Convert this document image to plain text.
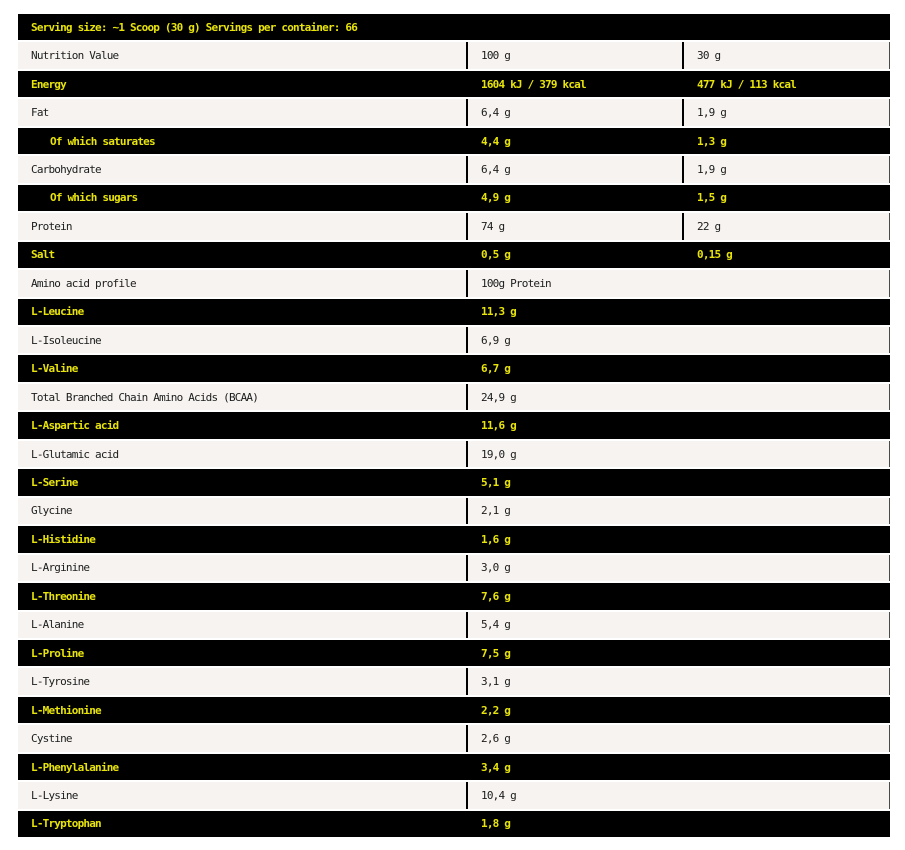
Serving size: ~1 Scoop (30 g) Servings per container: 66
Nutrition Value	100 g	30 g
Energy	1604 kJ / 379 kcal	477 kJ / 113 kcal
Fat	6,4 g	1,9 g
Of which saturates	4,4 g	1,3 g
Carbohydrate	6,4 g	1,9 g
Of which sugars	4,9 g	1,5 g
Protein	74 g	22 g
Salt	0,5 g	0,15 g
Amino acid profile	100g Protein
L-Leucine	11,3 g
L-Isoleucine	6,9 g
L-Valine	6,7 g
Total Branched Chain Amino Acids (BCAA)	24,9 g
L-Aspartic acid	11,6 g
L-Glutamic acid	19,0 g
L-Serine	5,1 g
Glycine	2,1 g
L-Histidine	1,6 g
L-Arginine	3,0 g
L-Threonine	7,6 g
L-Alanine	5,4 g
L-Proline	7,5 g
L-Tyrosine	3,1 g
L-Methionine	2,2 g
Cystine	2,6 g
L-Phenylalanine	3,4 g
L-Lysine	10,4 g
L-Tryptophan	1,8 g
